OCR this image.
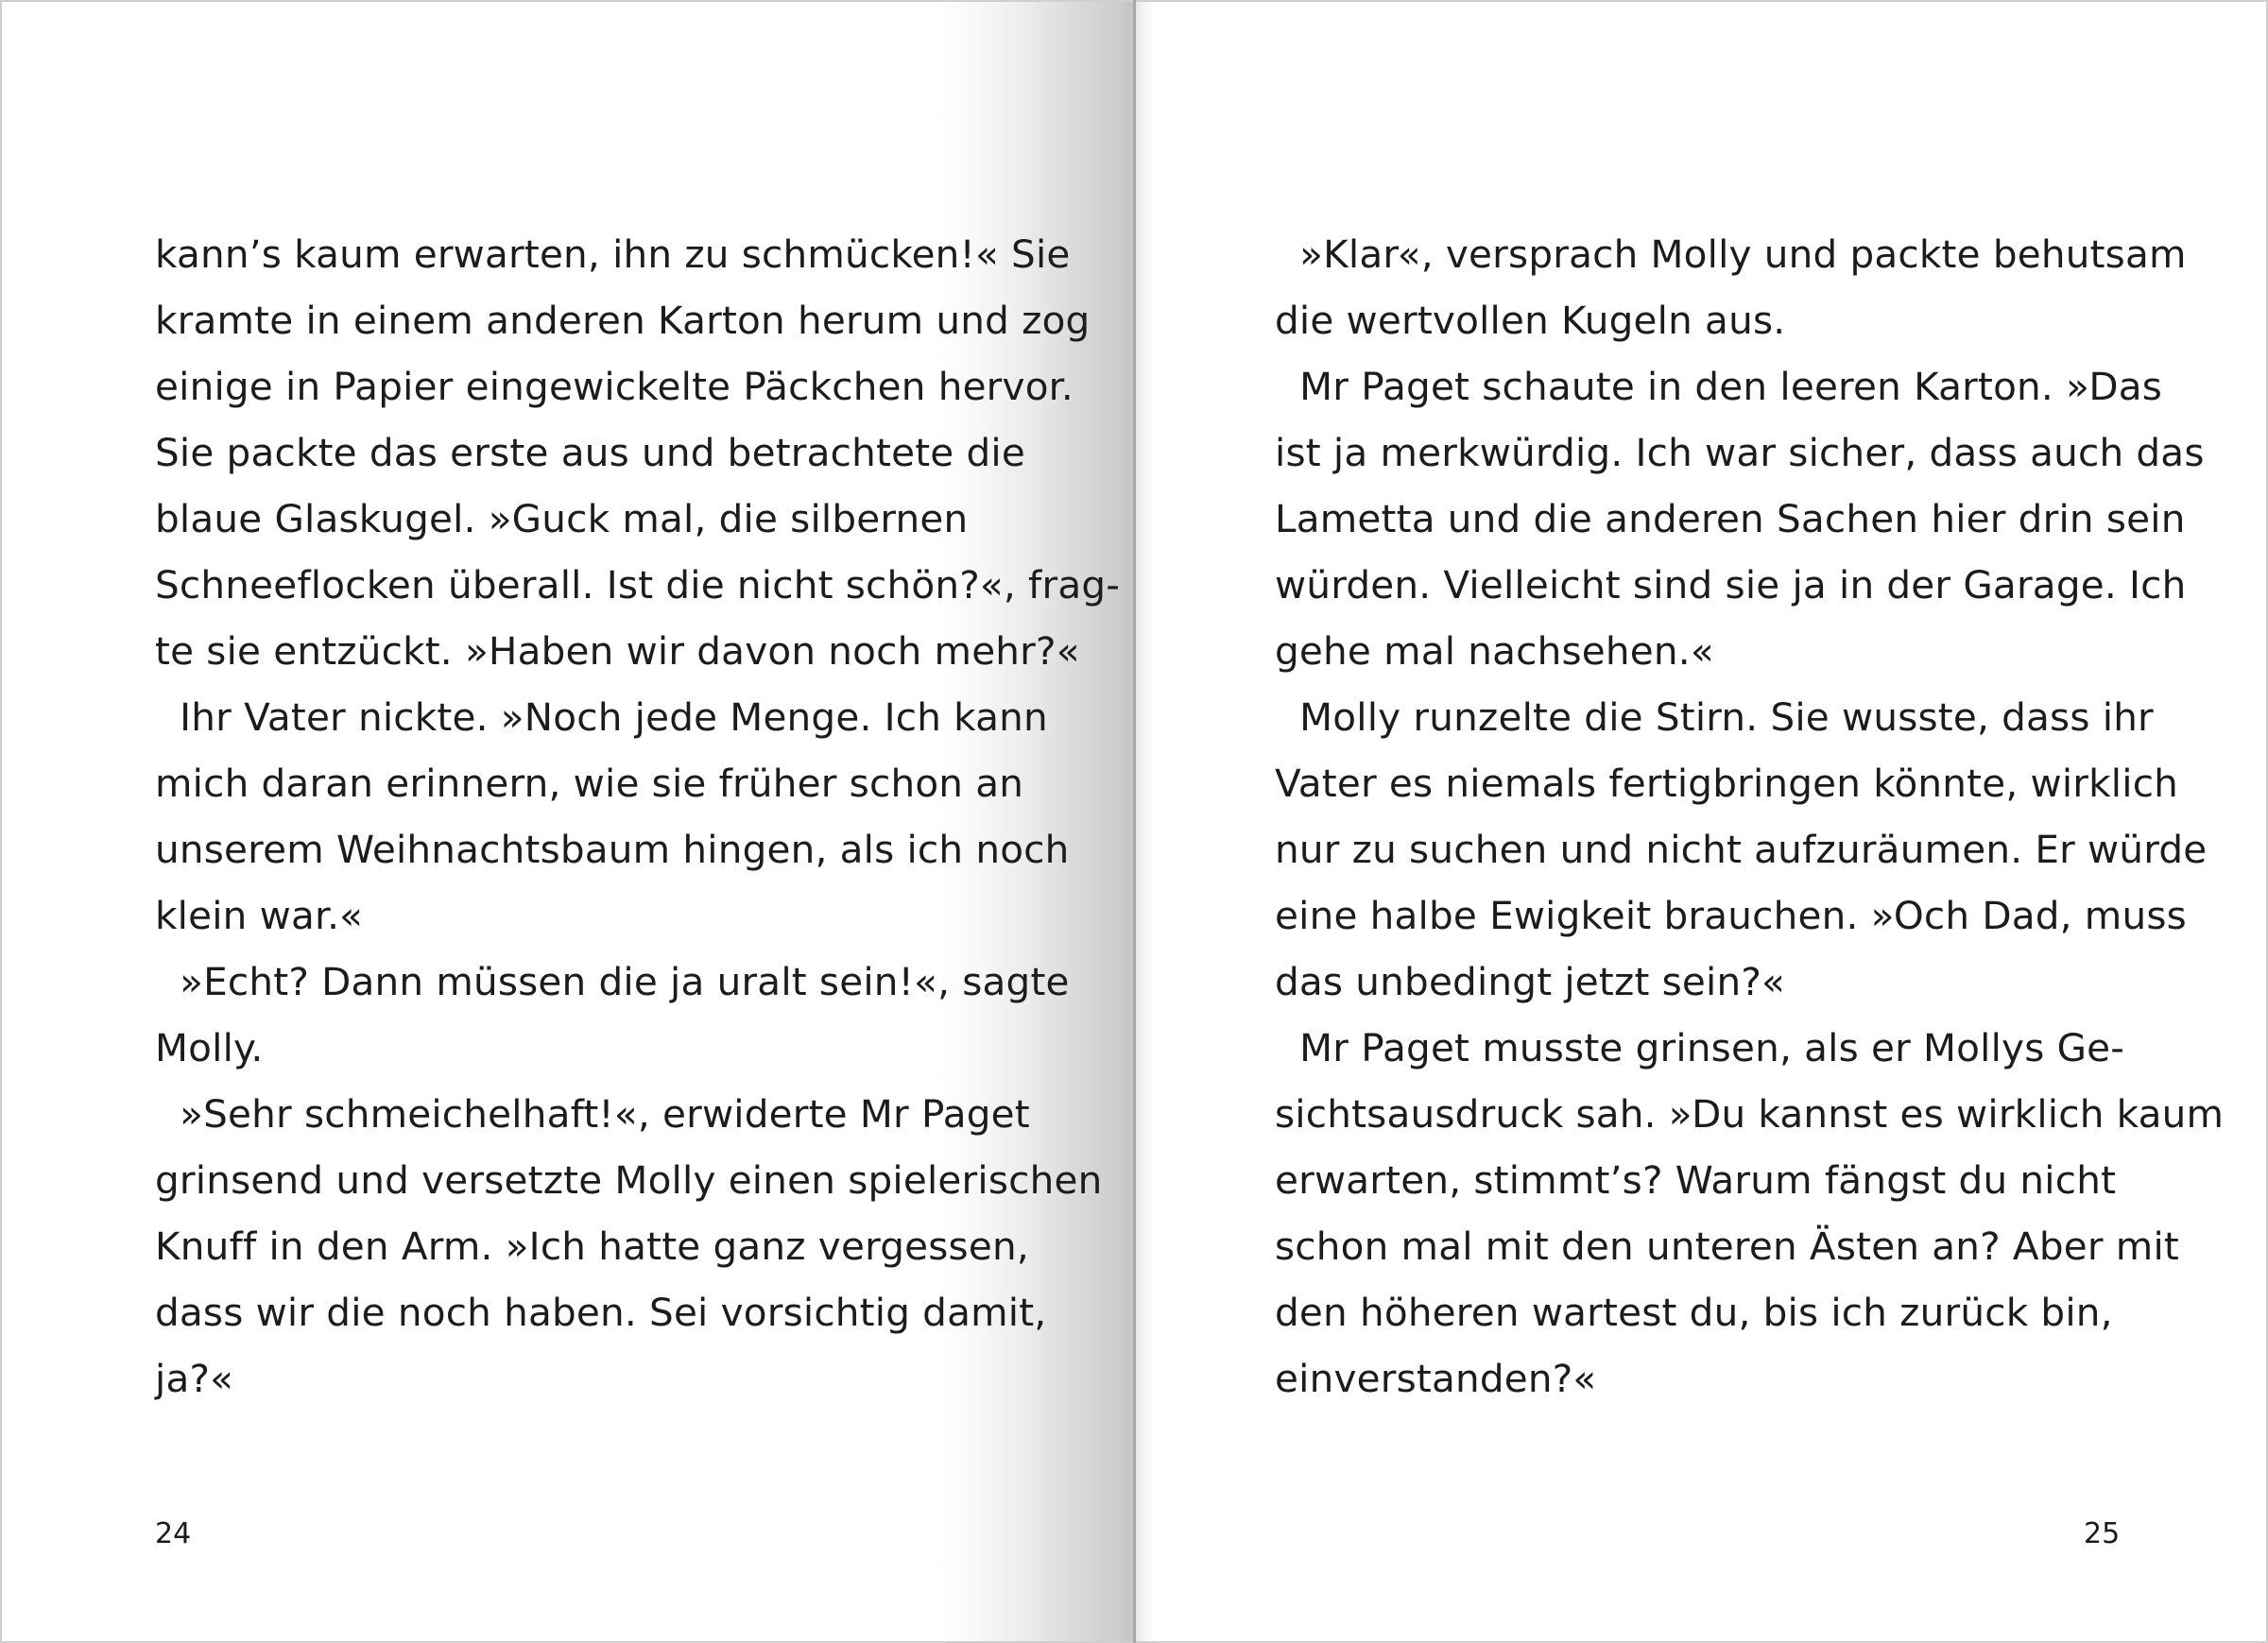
kann’s kaum erwarten, ihn zu schmücken!« Sie
kramte in einem anderen Karton herum und zog
einige in Papier eingewickelte Päckchen hervor.
Sie packte das erste aus und betrachtete die
blaue Glaskugel. »Guck mal, die silbernen
Schneeflocken überall. Ist die nicht schön?«, frag-
te sie entzückt. »Haben wir davon noch mehr?«
Ihr Vater nickte. »Noch jede Menge. Ich kann
mich daran erinnern, wie sie früher schon an
unserem Weihnachtsbaum hingen, als ich noch
klein war.«
»Echt? Dann müssen die ja uralt sein!«, sagte
Molly.
»Sehr schmeichelhaft!«, erwiderte Mr Paget
grinsend und versetzte Molly einen spielerischen
Knuff in den Arm. »Ich hatte ganz vergessen,
dass wir die noch haben. Sei vorsichtig damit,
ja?«
24
»Klar«, versprach Molly und packte behutsam
die wertvollen Kugeln aus.
Mr Paget schaute in den leeren Karton. »Das
ist ja merkwürdig. Ich war sicher, dass auch das
Lametta und die anderen Sachen hier drin sein
würden. Vielleicht sind sie ja in der Garage. Ich
gehe mal nachsehen.«
Molly runzelte die Stirn. Sie wusste, dass ihr
Vater es niemals fertigbringen könnte, wirklich
nur zu suchen und nicht aufzuräumen. Er würde
eine halbe Ewigkeit brauchen. »Och Dad, muss
das unbedingt jetzt sein?«
Mr Paget musste grinsen, als er Mollys Ge-
sichtsausdruck sah. »Du kannst es wirklich kaum
erwarten, stimmt’s? Warum fängst du nicht
schon mal mit den unteren Ästen an? Aber mit
den höheren wartest du, bis ich zurück bin,
einverstanden?«
25
